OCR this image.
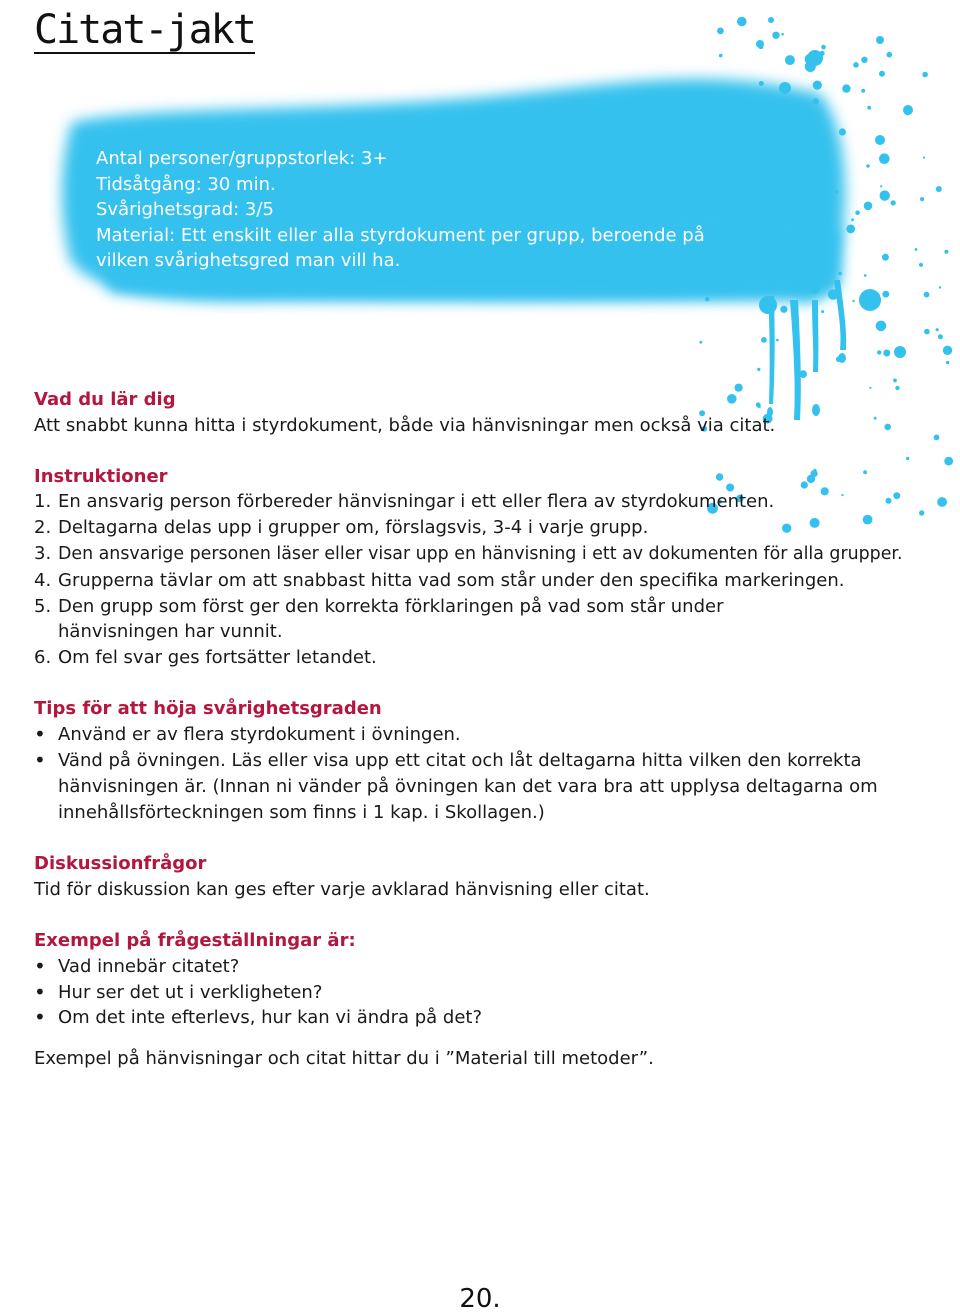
Citat-jakt
Antal personer/gruppstorlek: 3+
Tidsåtgång: 30 min.
Svårighetsgrad: 3/5
Material: Ett enskilt eller alla styrdokument per grupp, beroende på
vilken svårighetsgred man vill ha.

Vad du lär dig

Att snabbt kunna hitta i styrdokument, både via hänvisningar men också via citat.

Instruktioner

1. En ansvarig person förbereder hänvisningar i ett eller flera av styrdokumenten.
2. Deltagarna delas upp i grupper om, förslagsvis, 3-4 i varje grupp.
3. Den ansvarige personen läser eller visar upp en hänvisning i ett av dokumenten för alla grupper.
4. Grupperna tävlar om att snabbast hitta vad som står under den specifika markeringen.
5. Den grupp som först ger den korrekta förklaringen på vad som står under hänvisningen har vunnit.
6. Om fel svar ges fortsätter letandet.

Tips för att höja svårighetsgraden

• Använd er av flera styrdokument i övningen.
• Vänd på övningen. Läs eller visa upp ett citat och låt deltagarna hitta vilken den korrekta hänvisningen är. (Innan ni vänder på övningen kan det vara bra att upplysa deltagarna om innehållsförteckningen som finns i 1 kap. i Skollagen.)

Diskussionfrågor

Tid för diskussion kan ges efter varje avklarad hänvisning eller citat.

Exempel på frågeställningar är:

• Vad innebär citatet?
• Hur ser det ut i verkligheten?
• Om det inte efterlevs, hur kan vi ändra på det?

Exempel på hänvisningar och citat hittar du i ”Material till metoder”.

20.
